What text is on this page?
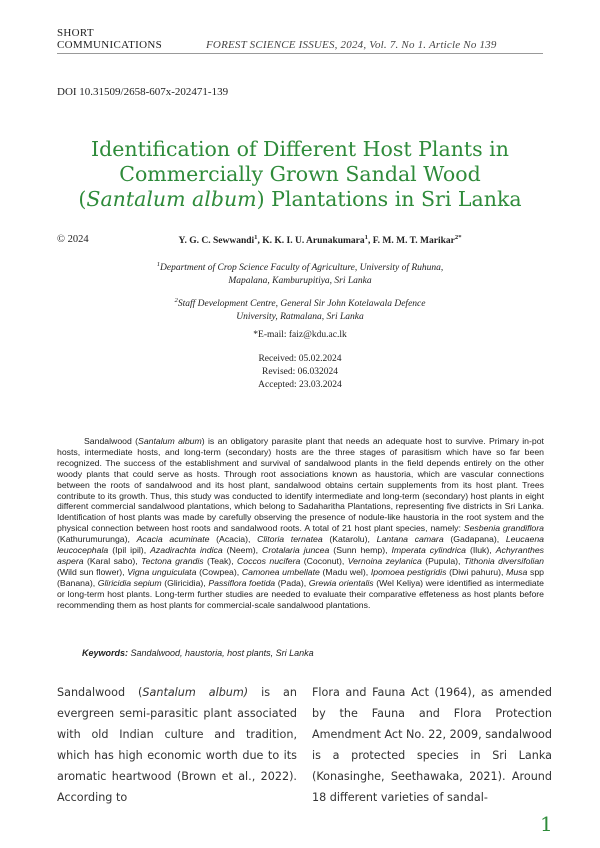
SHORT
COMMUNICATIONS	FOREST SCIENCE ISSUES, 2024, Vol. 7. No 1. Article No 139
DOI 10.31509/2658-607x-202471-139
Identification of Different Host Plants in
Commercially Grown Sandal Wood
(Santalum album) Plantations in Sri Lanka
© 2024	Y. G. C. Sewwandi$^1$, K. K. I. U. Arunakumara$^1$, F. M. M. T. Marikar$^{2*}$
$^1$Department of Crop Science Faculty of Agriculture, University of Ruhuna,
Mapalana, Kamburupitiya, Sri Lanka
$^2$Staff Development Centre, General Sir John Kotelawala Defence
University, Ratmalana, Sri Lanka
*E-mail: faiz@kdu.ac.lk
Received: 05.02.2024
Revised: 06.032024
Accepted: 23.03.2024

Sandalwood (Santalum album) is an obligatory parasite plant that needs an adequate host to survive. Primary in-pot hosts, intermediate hosts, and long-term (secondary) hosts are the three stages of parasitism which have so far been recognized. The success of the establishment and survival of sandalwood plants in the field depends entirely on the other woody plants that could serve as hosts. Through root associations known as haustoria, which are vascular connections between the roots of sandalwood and its host plant, sandalwood obtains certain supplements from its host plant. Trees contribute to its growth. Thus, this study was conducted to identify intermediate and long-term (secondary) host plants in eight different commercial sandalwood plantations, which belong to Sadaharitha Plantations, representing five districts in Sri Lanka. Identification of host plants was made by carefully observing the presence of nodule-like haustoria in the root system and the physical connection between host roots and sandalwood roots. A total of 21 host plant species, namely: Sesbenia grandiflora (Kathurumurunga), Acacia acuminate (Acacia), Clitoria ternatea (Katarolu), Lantana camara (Gadapana), Leucaena leucocephala (Ipil ipil), Azadirachta indica (Neem), Crotalaria juncea (Sunn hemp), Imperata cylindrica (Iluk), Achyranthes aspera (Karal sabo), Tectona grandis (Teak), Coccos nucifera (Coconut), Vernoina zeylanica (Pupula), Tithonia diversifolian (Wild sun flower), Vigna unguiculata (Cowpea), Camonea umbellate (Madu wel), Ipomoea pestigridis (Diwi pahuru), Musa spp (Banana), Gliricidia sepium (Gliricidia), Passiflora foetida (Pada), Grewia orientalis (Wel Keliya) were identified as intermediate or long-term host plants. Long-term further studies are needed to evaluate their comparative effeteness as host plants before recommending them as host plants for commercial-scale sandalwood plantations.

Keywords: Sandalwood, haustoria, host plants, Sri Lanka
Sandalwood (Santalum album) is an evergreen semi-parasitic plant associated with old Indian culture and tradition, which has high economic worth due to its aromatic heartwood (Brown et al., 2022). According to
Flora and Fauna Act (1964), as amended by the Fauna and Flora Protection Amendment Act No. 22, 2009, sandalwood is a protected species in Sri Lanka (Konasinghe, Seethawaka, 2021). Around 18 different varieties of sandal-
1
